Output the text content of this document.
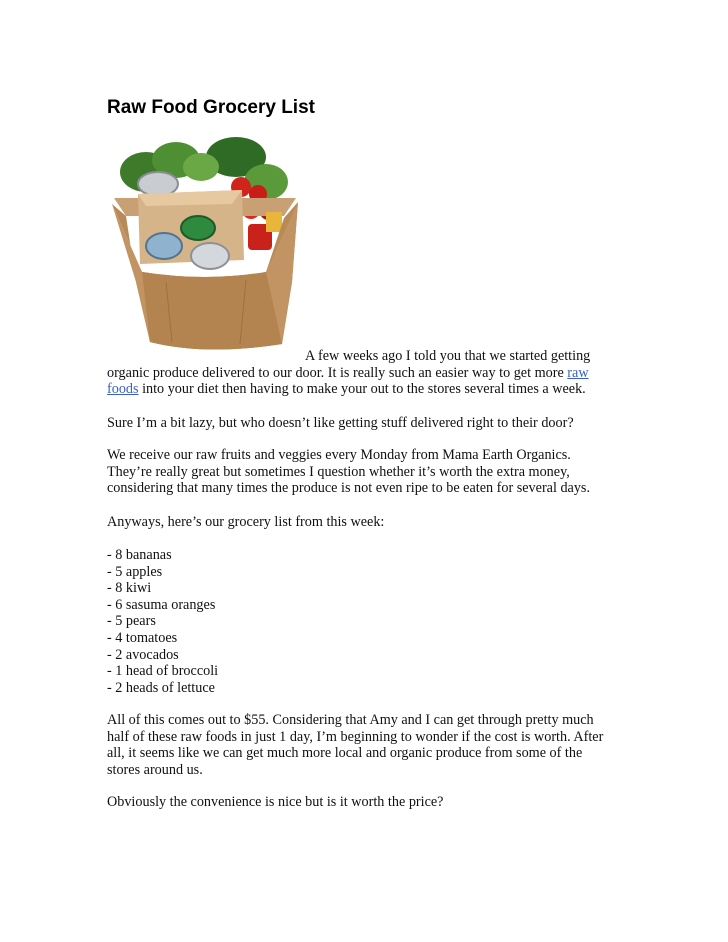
Raw Food Grocery List
A few weeks ago I told you that we started getting
organic produce delivered to our door. It is really such an easier way to get more raw
foods into your diet then having to make your out to the stores several times a week.
Sure I’m a bit lazy, but who doesn’t like getting stuff delivered right to their door?
We receive our raw fruits and veggies every Monday from Mama Earth Organics.
They’re really great but sometimes I question whether it’s worth the extra money,
considering that many times the produce is not even ripe to be eaten for several days.
Anyways, here’s our grocery list from this week:
- 8 bananas
- 5 apples
- 8 kiwi
- 6 sasuma oranges
- 5 pears
- 4 tomatoes
- 2 avocados
- 1 head of broccoli
- 2 heads of lettuce
All of this comes out to $55. Considering that Amy and I can get through pretty much
half of these raw foods in just 1 day, I’m beginning to wonder if the cost is worth. After
all, it seems like we can get much more local and organic produce from some of the
stores around us.
Obviously the convenience is nice but is it worth the price?
